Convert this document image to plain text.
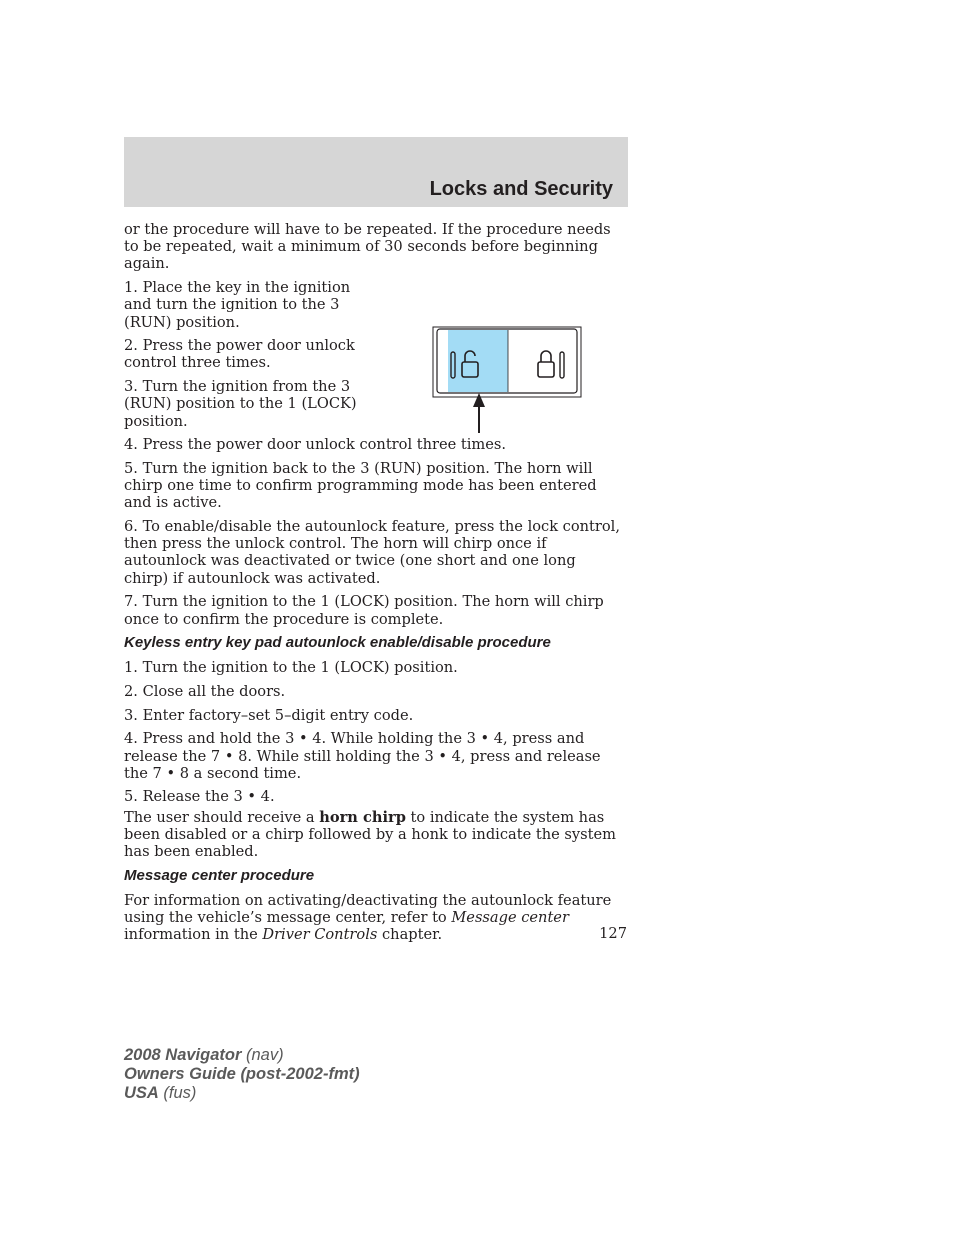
Locks and Security

or the procedure will have to be repeated. If the procedure needs to be repeated, wait a minimum of 30 seconds before beginning again.

1. Place the key in the ignition and turn the ignition to the 3 (RUN) position.

2. Press the power door unlock control three times.

3. Turn the ignition from the 3 (RUN) position to the 1 (LOCK) position.

4. Press the power door unlock control three times.

5. Turn the ignition back to the 3 (RUN) position. The horn will chirp one time to confirm programming mode has been entered and is active.

6. To enable/disable the autounlock feature, press the lock control, then press the unlock control. The horn will chirp once if autounlock was deactivated or twice (one short and one long chirp) if autounlock was activated.

7. Turn the ignition to the 1 (LOCK) position. The horn will chirp once to confirm the procedure is complete.

Keyless entry key pad autounlock enable/disable procedure

1. Turn the ignition to the 1 (LOCK) position.

2. Close all the doors.

3. Enter factory–set 5–digit entry code.

4. Press and hold the 3 • 4. While holding the 3 • 4, press and release the 7 • 8. While still holding the 3 • 4, press and release the 7 • 8 a second time.

5. Release the 3 • 4.

The user should receive a horn chirp to indicate the system has been disabled or a chirp followed by a honk to indicate the system has been enabled.

Message center procedure

For information on activating/deactivating the autounlock feature using the vehicle’s message center, refer to Message center information in the Driver Controls chapter.	127
2008 Navigator (nav)
Owners Guide (post-2002-fmt)
USA (fus)
